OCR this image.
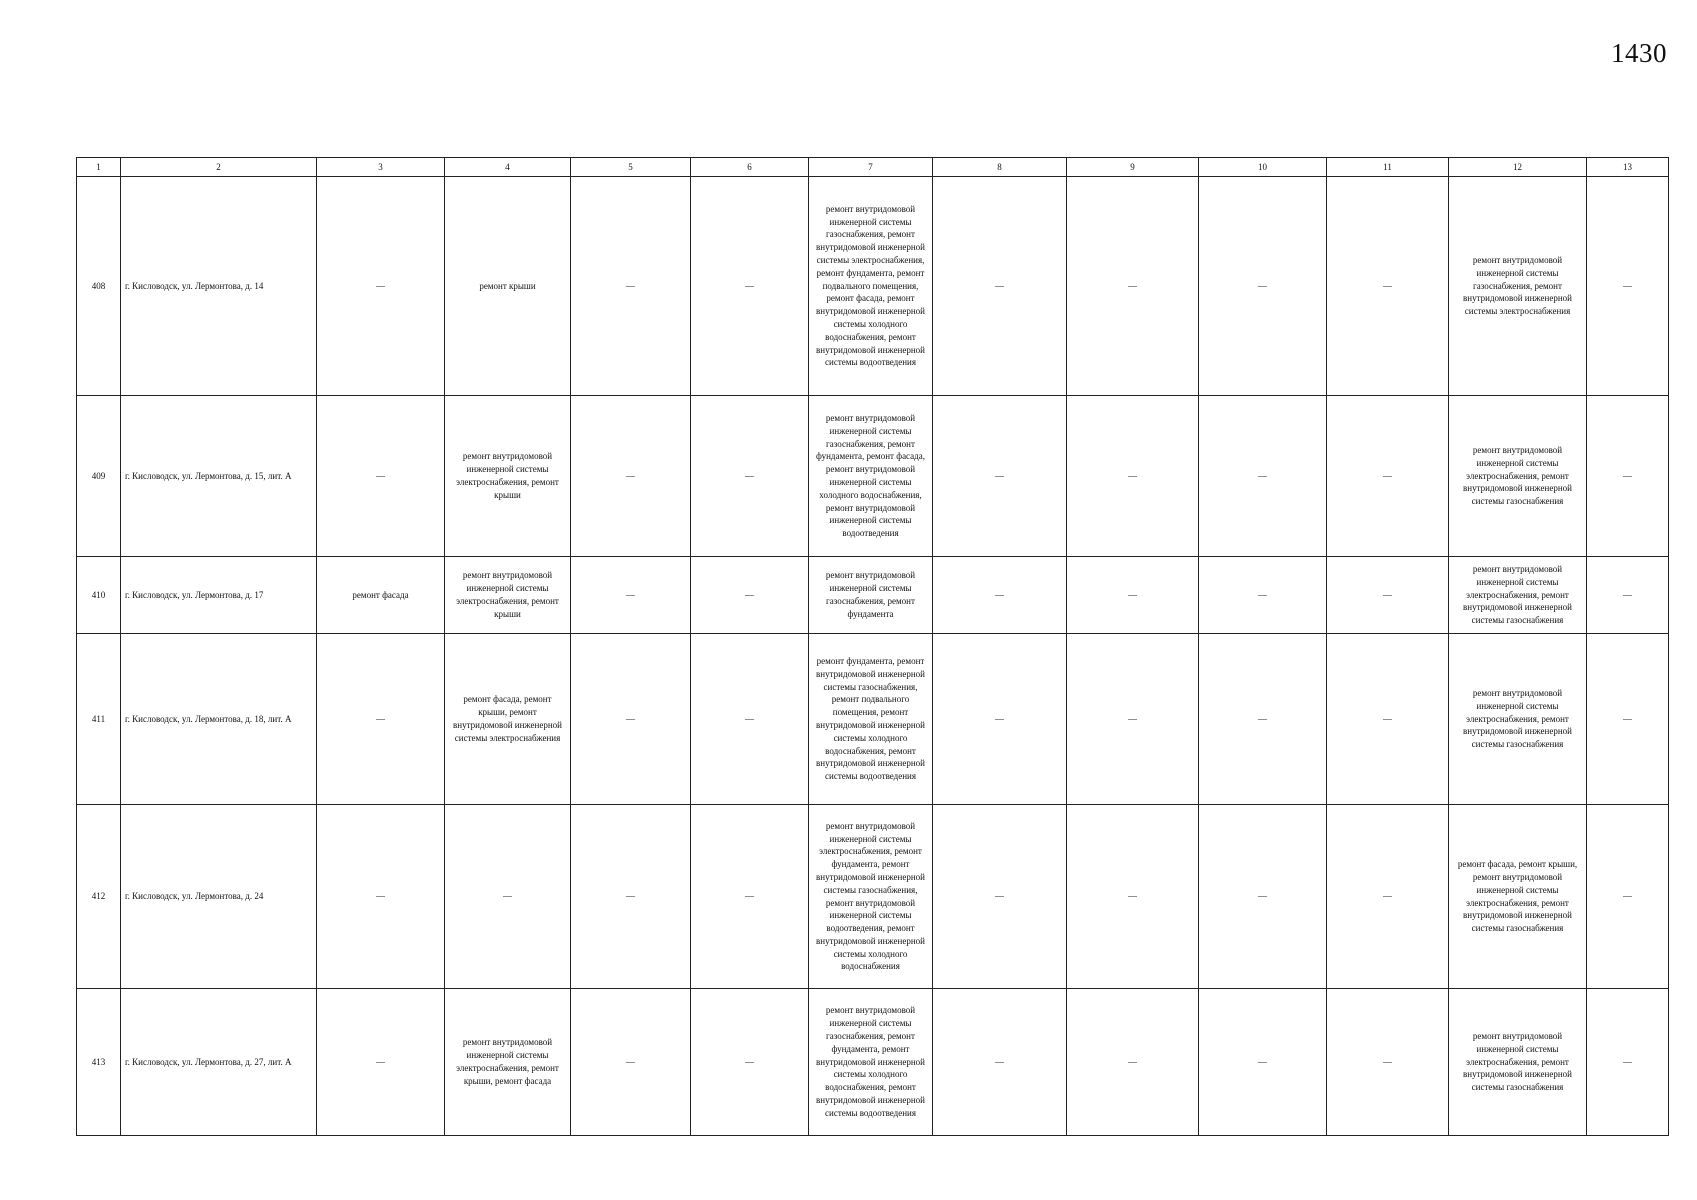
1430
1	2	3	4	5	6	7	8	9	10	11	12	13
408	г. Кисловодск, ул. Лермонтова, д. 14	—	ремонт крыши	—	—	ремонт внутридомовой инженерной системы газоснабжения, ремонт внутридомовой инженерной системы электроснабжения, ремонт фундамента, ремонт подвального помещения, ремонт фасада, ремонт внутридомовой инженерной системы холодного водоснабжения, ремонт внутридомовой инженерной системы водоотведения	—	—	—	—	ремонт внутридомовой инженерной системы газоснабжения, ремонт внутридомовой инженерной системы электроснабжения	—
409	г. Кисловодск, ул. Лермонтова, д. 15, лит. А	—	ремонт внутридомовой инженерной системы электроснабжения, ремонт крыши	—	—	ремонт внутридомовой инженерной системы газоснабжения, ремонт фундамента, ремонт фасада, ремонт внутридомовой инженерной системы холодного водоснабжения, ремонт внутридомовой инженерной системы водоотведения	—	—	—	—	ремонт внутридомовой инженерной системы электроснабжения, ремонт внутридомовой инженерной системы газоснабжения	—
410	г. Кисловодск, ул. Лермонтова, д. 17	ремонт фасада	ремонт внутридомовой инженерной системы электроснабжения, ремонт крыши	—	—	ремонт внутридомовой инженерной системы газоснабжения, ремонт фундамента	—	—	—	—	ремонт внутридомовой инженерной системы электроснабжения, ремонт внутридомовой инженерной системы газоснабжения	—
411	г. Кисловодск, ул. Лермонтова, д. 18, лит. А	—	ремонт фасада, ремонт крыши, ремонт внутридомовой инженерной системы электроснабжения	—	—	ремонт фундамента, ремонт внутридомовой инженерной системы газоснабжения, ремонт подвального помещения, ремонт внутридомовой инженерной системы холодного водоснабжения, ремонт внутридомовой инженерной системы водоотведения	—	—	—	—	ремонт внутридомовой инженерной системы электроснабжения, ремонт внутридомовой инженерной системы газоснабжения	—
412	г. Кисловодск, ул. Лермонтова, д. 24	—	—	—	—	ремонт внутридомовой инженерной системы электроснабжения, ремонт фундамента, ремонт внутридомовой инженерной системы газоснабжения, ремонт внутридомовой инженерной системы водоотведения, ремонт внутридомовой инженерной системы холодного водоснабжения	—	—	—	—	ремонт фасада, ремонт крыши, ремонт внутридомовой инженерной системы электроснабжения, ремонт внутридомовой инженерной системы газоснабжения	—
413	г. Кисловодск, ул. Лермонтова, д. 27, лит. А	—	ремонт внутридомовой инженерной системы электроснабжения, ремонт крыши, ремонт фасада	—	—	ремонт внутридомовой инженерной системы газоснабжения, ремонт фундамента, ремонт внутридомовой инженерной системы холодного водоснабжения, ремонт внутридомовой инженерной системы водоотведения	—	—	—	—	ремонт внутридомовой инженерной системы электроснабжения, ремонт внутридомовой инженерной системы газоснабжения	—
